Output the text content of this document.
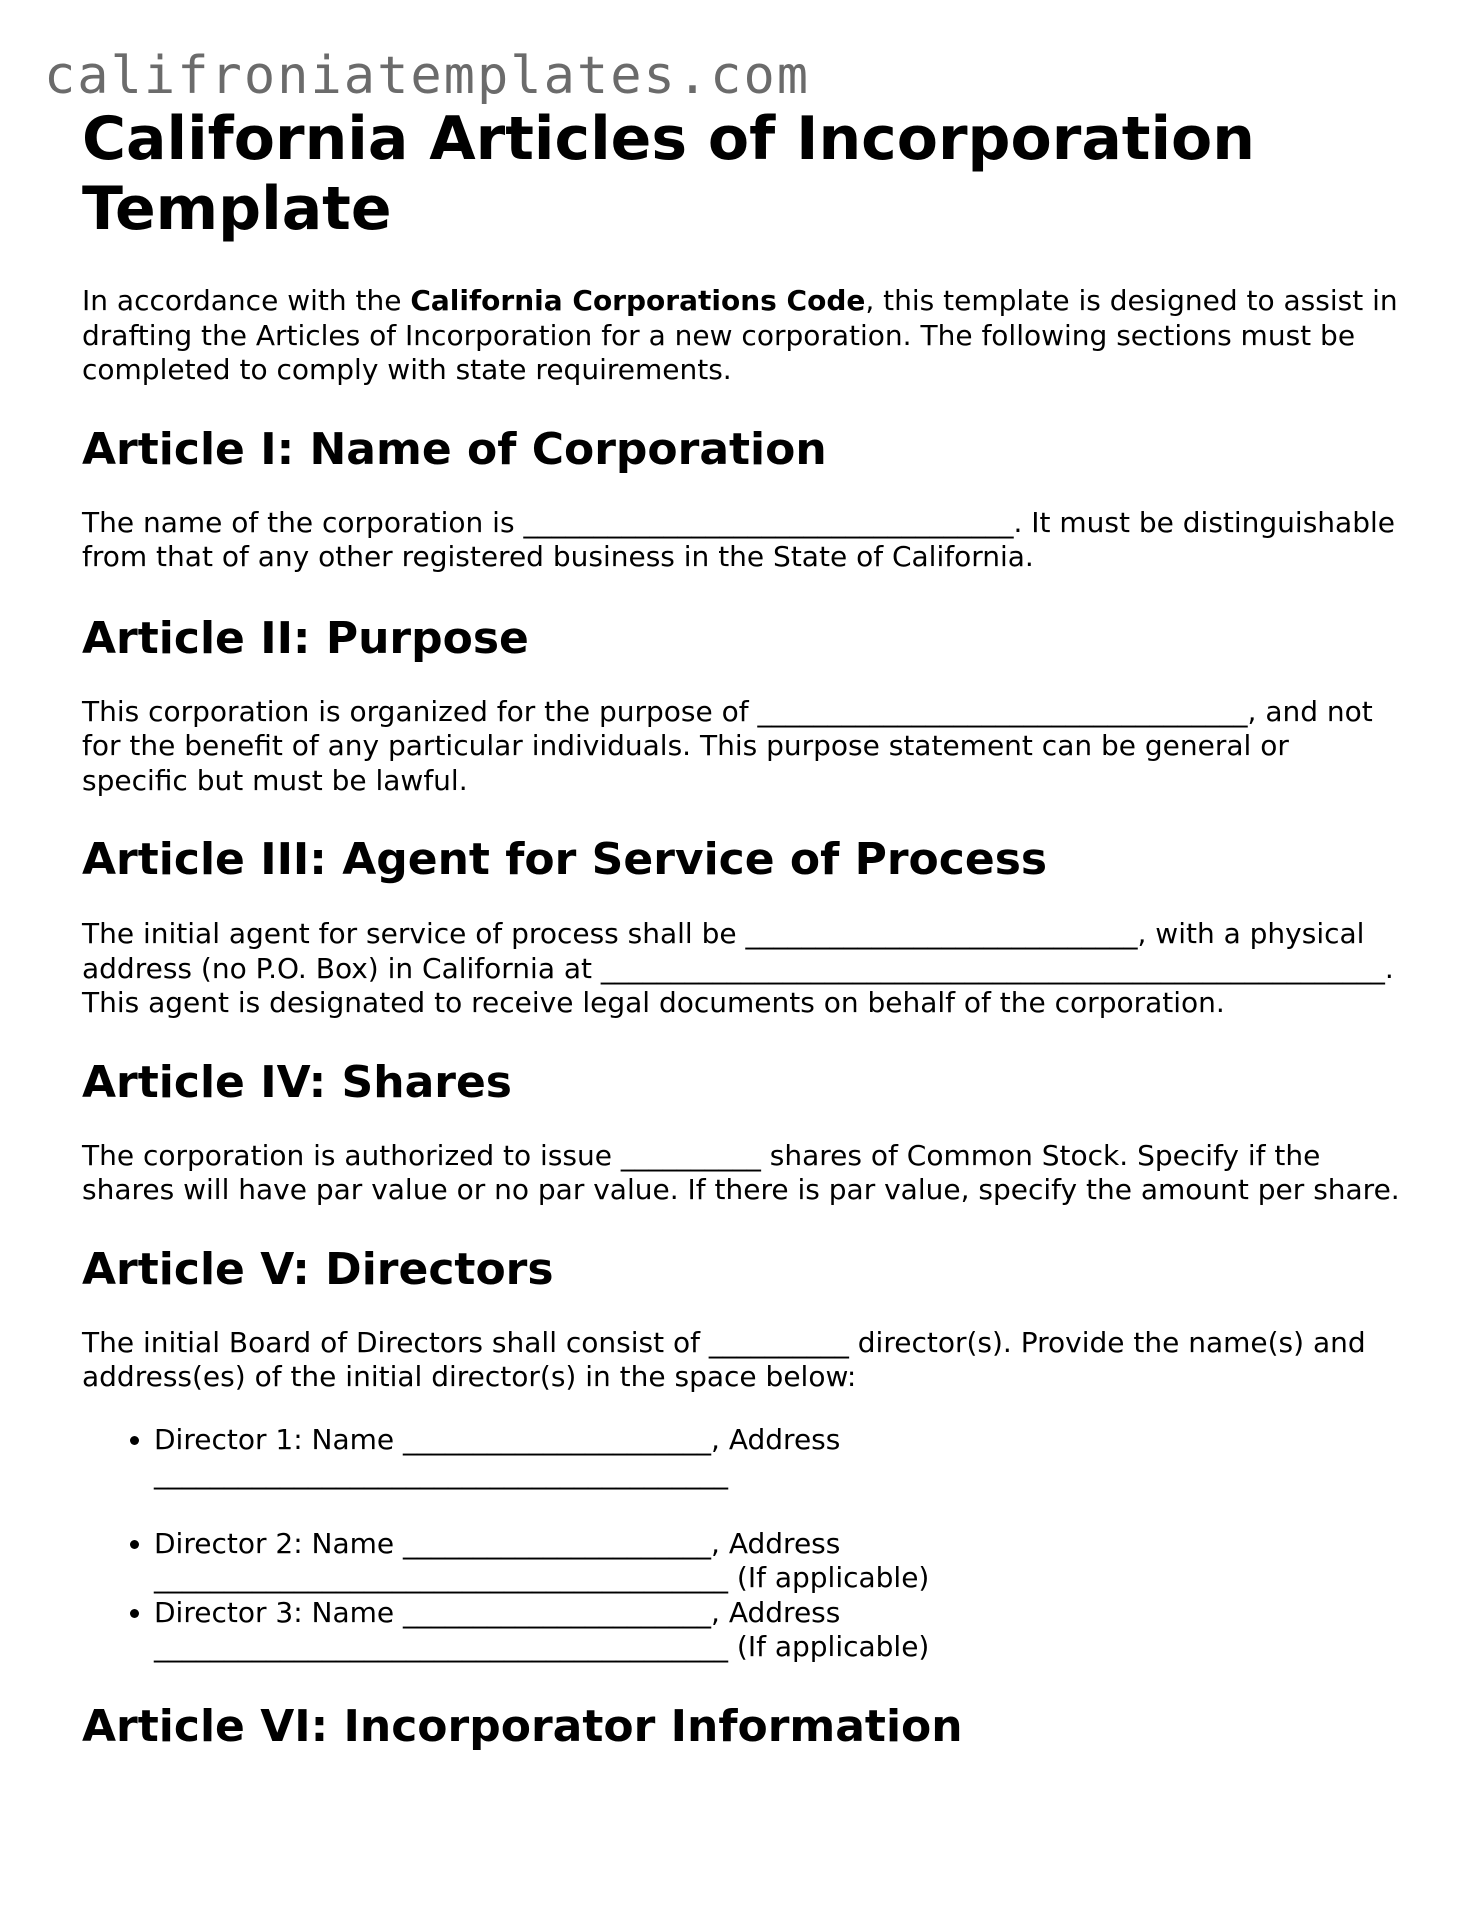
califroniatemplates.com
California Articles of Incorporation Template

In accordance with the California Corporations Code, this template is designed to assist in drafting the Articles of Incorporation for a new corporation. The following sections must be completed to comply with state requirements.

Article I: Name of Corporation

The name of the corporation is ___________________________________. It must be distinguishable from that of any other registered business in the State of California.

Article II: Purpose

This corporation is organized for the purpose of ___________________________________, and not for the benefit of any particular individuals. This purpose statement can be general or specific but must be lawful.

Article III: Agent for Service of Process

The initial agent for service of process shall be ____________________________, with a physical address (no P.O. Box) in California at ________________________________________________________. This agent is designated to receive legal documents on behalf of the corporation.

Article IV: Shares

The corporation is authorized to issue __________ shares of Common Stock. Specify if the shares will have par value or no par value. If there is par value, specify the amount per share.

Article V: Directors

The initial Board of Directors shall consist of __________ director(s). Provide the name(s) and address(es) of the initial director(s) in the space below:

• Director 1: Name ______________________, Address _________________________________________
• Director 2: Name ______________________, Address _________________________________________ (If applicable)
• Director 3: Name ______________________, Address _________________________________________ (If applicable)
Article VI: Incorporator Information
